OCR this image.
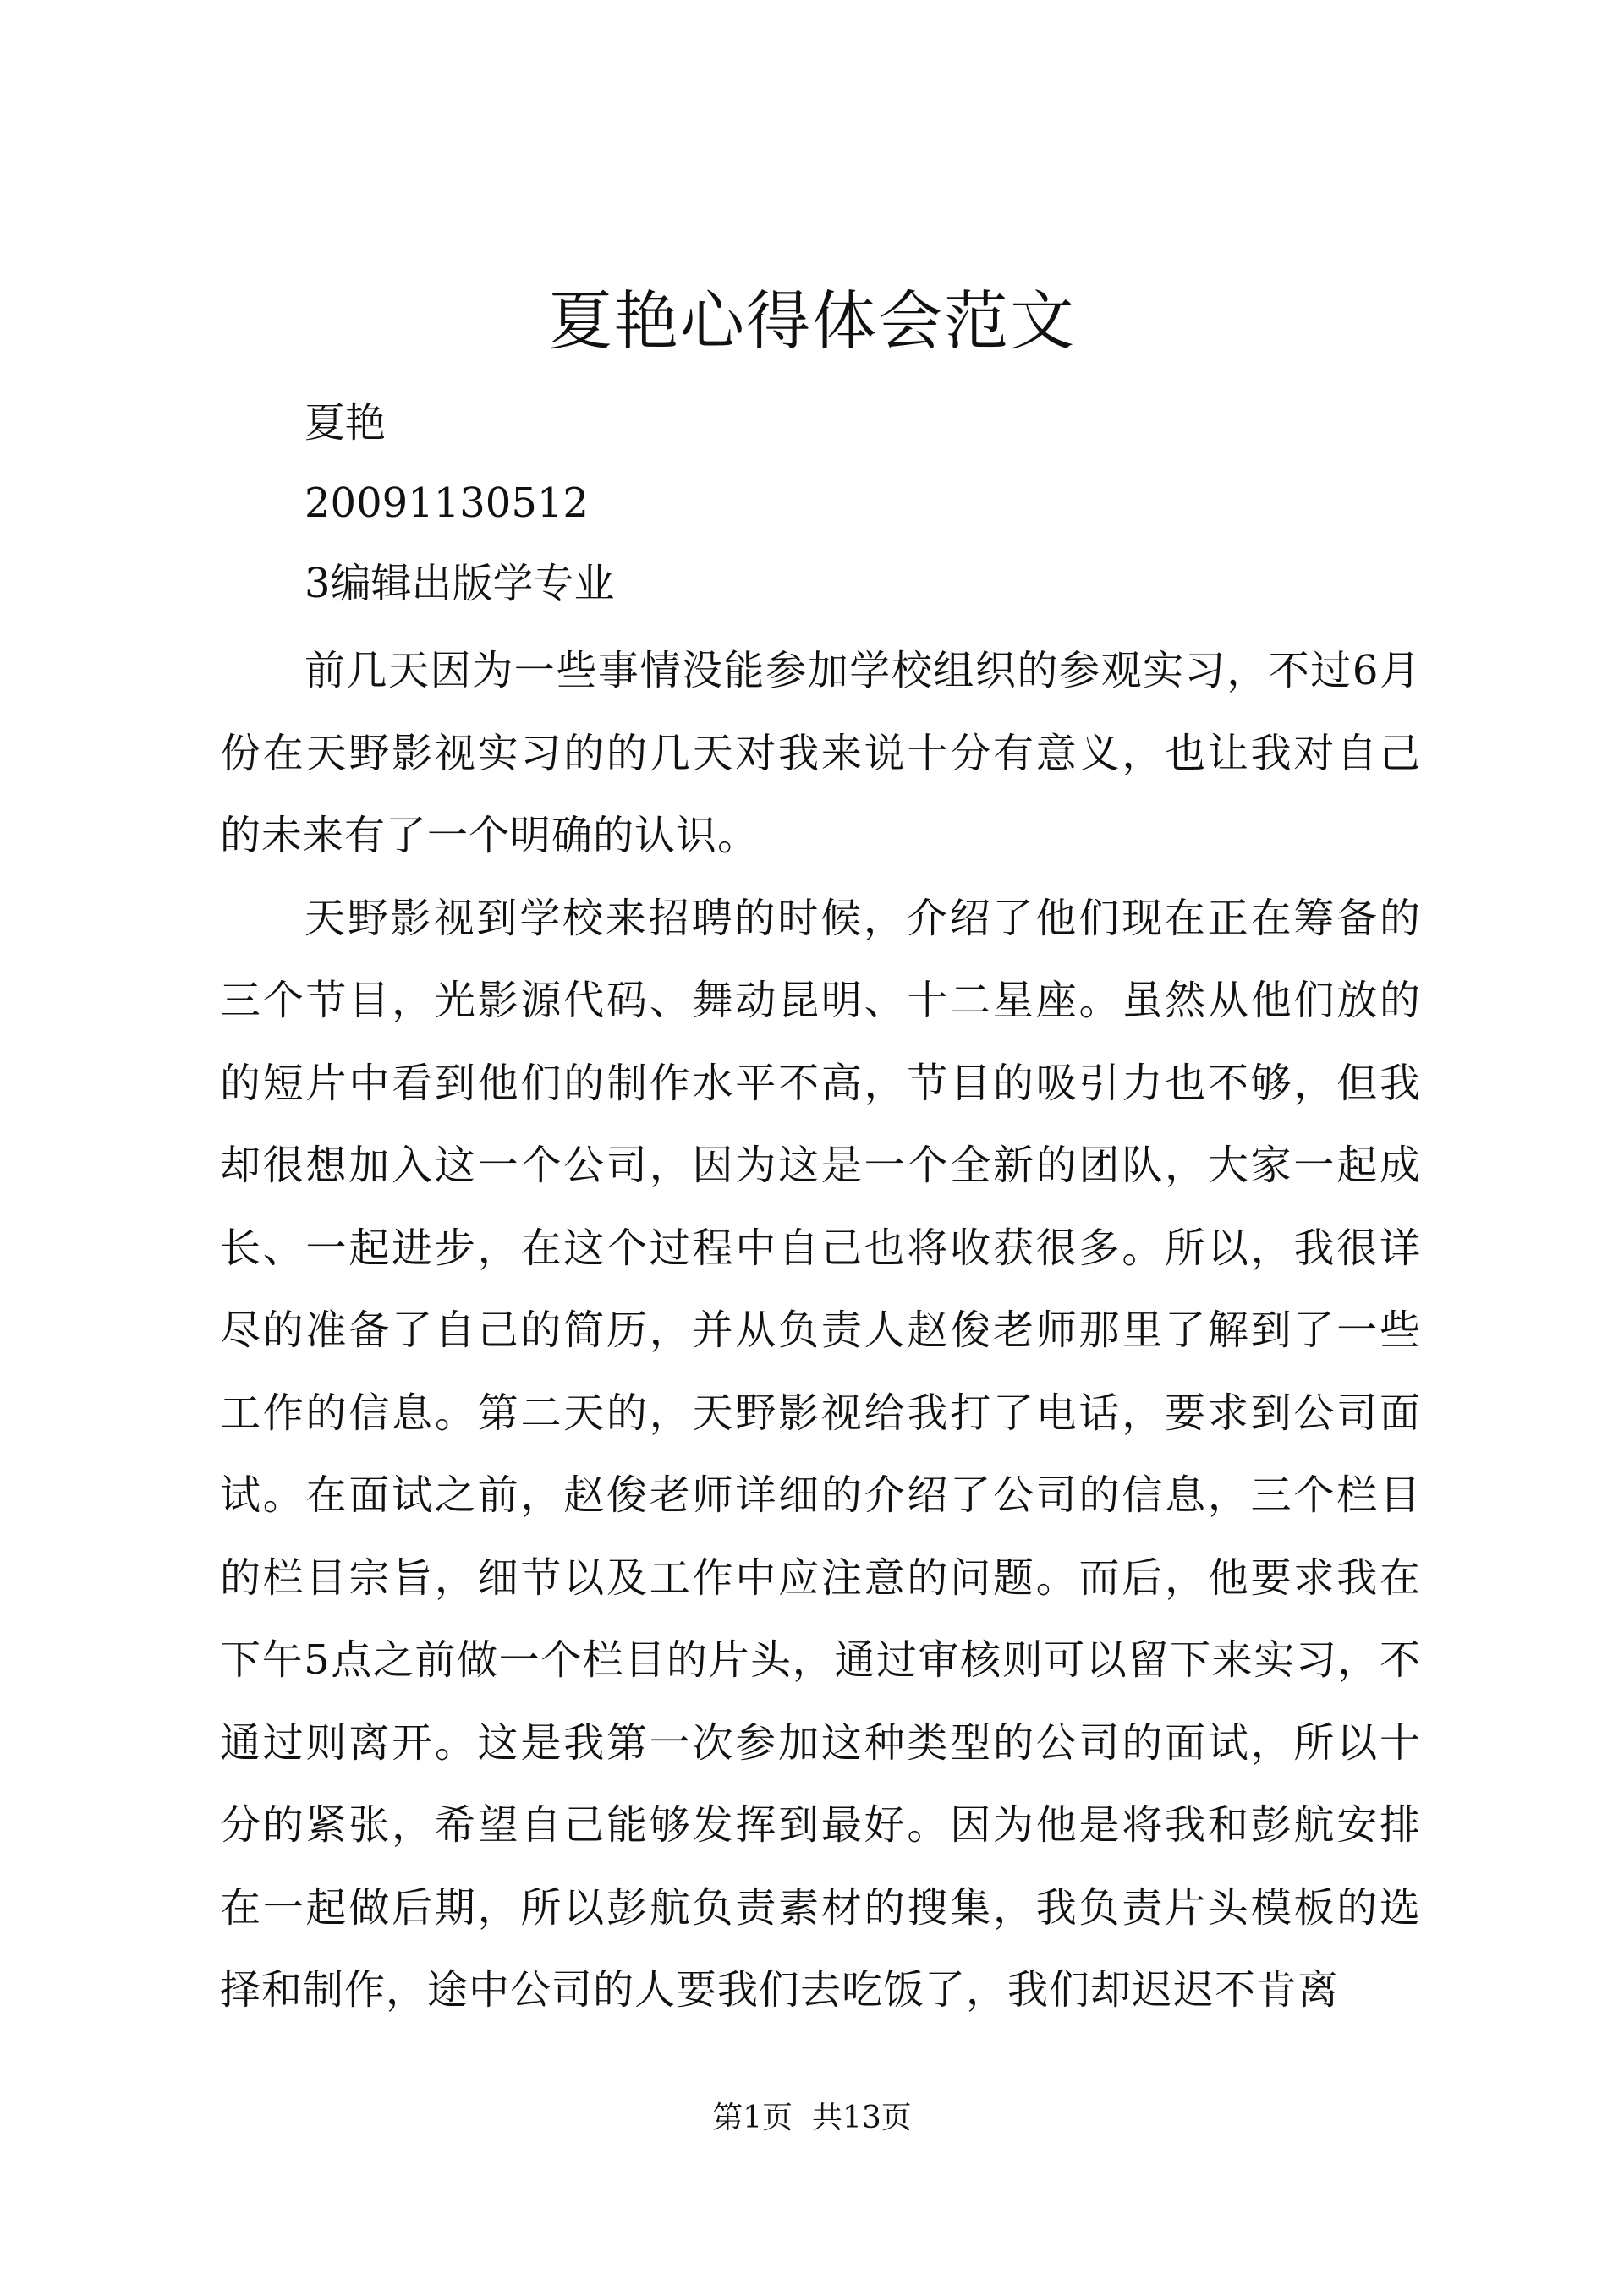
夏艳心得体会范文

夏艳

20091130512

3编辑出版学专业

前几天因为一些事情没能参加学校组织的参观实习，不过6月份在天野影视实习的的几天对我来说十分有意义，也让我对自己的未来有了一个明确的认识。

天野影视到学校来招聘的时候，介绍了他们现在正在筹备的三个节目，光影源代码、舞动昆明、十二星座。虽然从他们放的的短片中看到他们的制作水平不高，节目的吸引力也不够，但我却很想加入这一个公司，因为这是一个全新的团队，大家一起成长、一起进步，在这个过程中自己也将收获很多。所以，我很详尽的准备了自己的简历，并从负责人赵俊老师那里了解到了一些工作的信息。第二天的，天野影视给我打了电话，要求到公司面试。在面试之前，赵俊老师详细的介绍了公司的信息，三个栏目的栏目宗旨，细节以及工作中应注意的问题。而后，他要求我在下午5点之前做一个栏目的片头，通过审核则可以留下来实习，不通过则离开。这是我第一次参加这种类型的公司的面试，所以十分的紧张，希望自己能够发挥到最好。因为他是将我和彭航安排在一起做后期，所以彭航负责素材的搜集，我负责片头模板的选择和制作，途中公司的人要我们去吃饭了，我们却迟迟不肯离

第1页 共13页
